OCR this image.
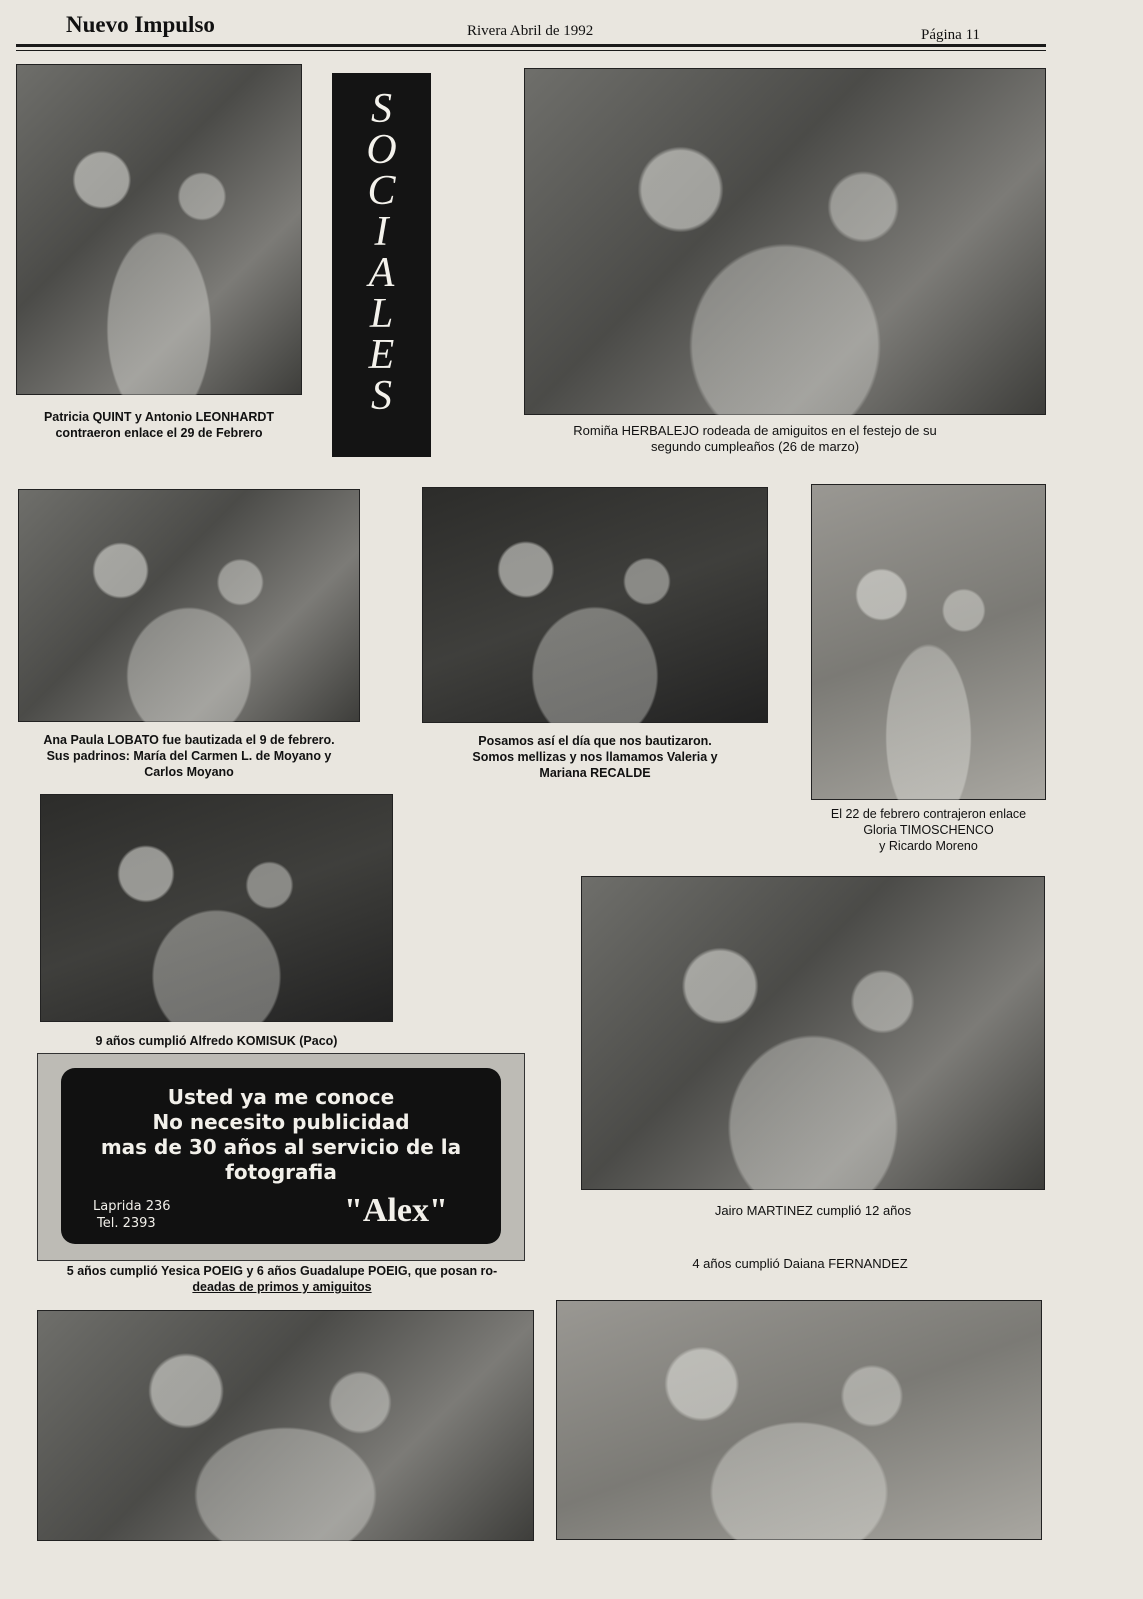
Nuevo Impulso	Rivera Abril de 1992	Página 11
Patricia QUINT y Antonio LEONHARDT
contraeron enlace el 29 de Febrero
S
O
C
I
A
L
E
S
Romiña HERBALEJO rodeada de amiguitos en el festejo de su
segundo cumpleaños (26 de marzo)
Ana Paula LOBATO fue bautizada el 9 de febrero.
Sus padrinos: María del Carmen L. de Moyano y
Carlos Moyano
Posamos así el día que nos bautizaron.
Somos mellizas y nos llamamos Valeria y
Mariana RECALDE
El 22 de febrero contrajeron enlace
Gloria TIMOSCHENCO
y Ricardo Moreno
9 años cumplió Alfredo KOMISUK (Paco)
Jairo MARTINEZ cumplió 12 años
Usted ya me conoce
No necesito publicidad
mas de 30 años al servicio de la
fotografia
Laprida 236
Tel. 2393	"Alex"
4 años cumplió Daiana FERNANDEZ
5 años cumplió Yesica POEIG y 6 años Guadalupe POEIG, que posan ro-
deadas de primos y amiguitos
